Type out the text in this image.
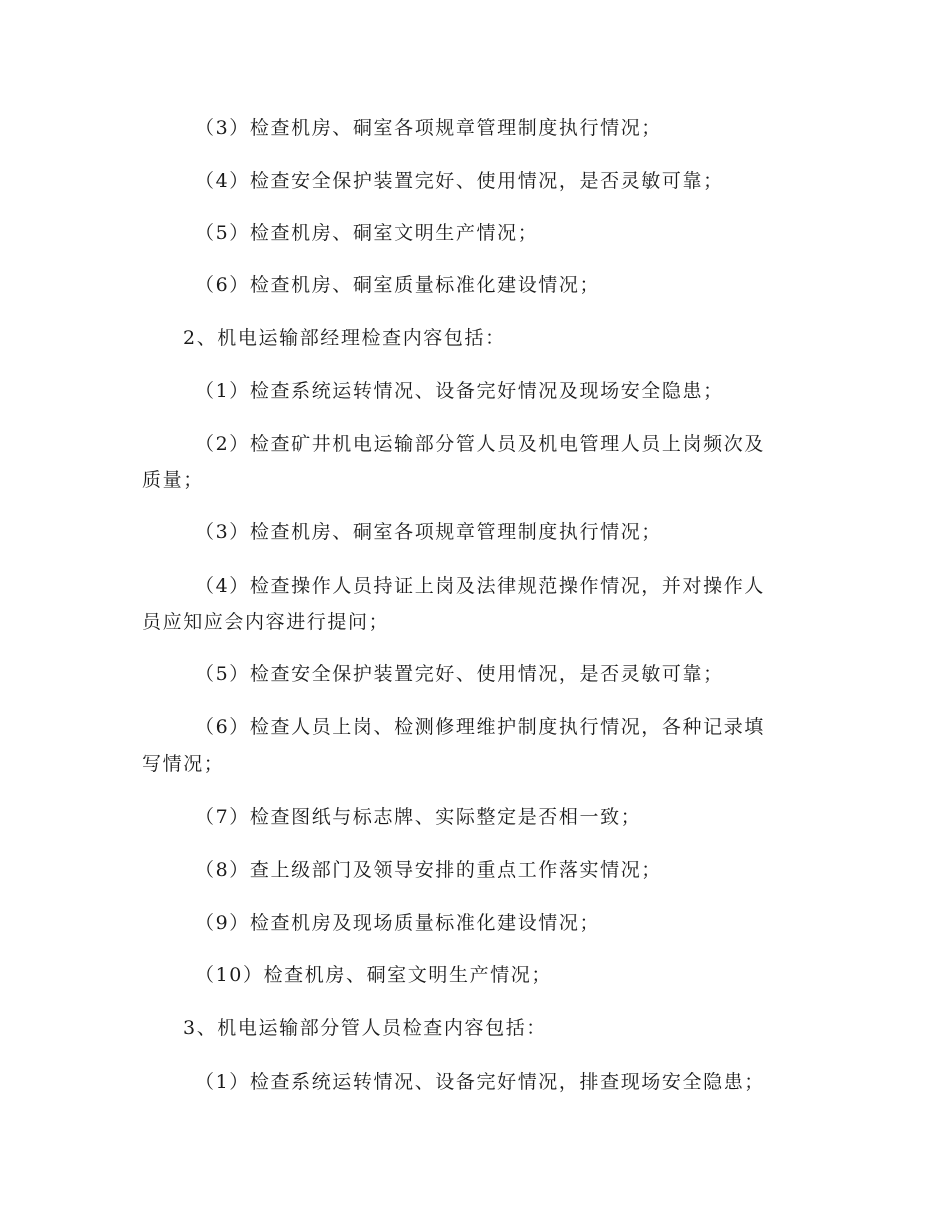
（3）检查机房、硐室各项规章管理制度执行情况；
（4）检查安全保护装置完好、使用情况，是否灵敏可靠；
（5）检查机房、硐室文明生产情况；
（6）检查机房、硐室质量标准化建设情况；
2、机电运输部经理检查内容包括：
（1）检查系统运转情况、设备完好情况及现场安全隐患；
（2）检查矿井机电运输部分管人员及机电管理人员上岗频次及
质量；
（3）检查机房、硐室各项规章管理制度执行情况；
（4）检查操作人员持证上岗及法律规范操作情况，并对操作人
员应知应会内容进行提问；
（5）检查安全保护装置完好、使用情况，是否灵敏可靠；
（6）检查人员上岗、检测修理维护制度执行情况，各种记录填
写情况；
（7）检查图纸与标志牌、实际整定是否相一致；
（8）查上级部门及领导安排的重点工作落实情况；
（9）检查机房及现场质量标准化建设情况；
（10）检查机房、硐室文明生产情况；
3、机电运输部分管人员检查内容包括：
（1）检查系统运转情况、设备完好情况，排查现场安全隐患；
